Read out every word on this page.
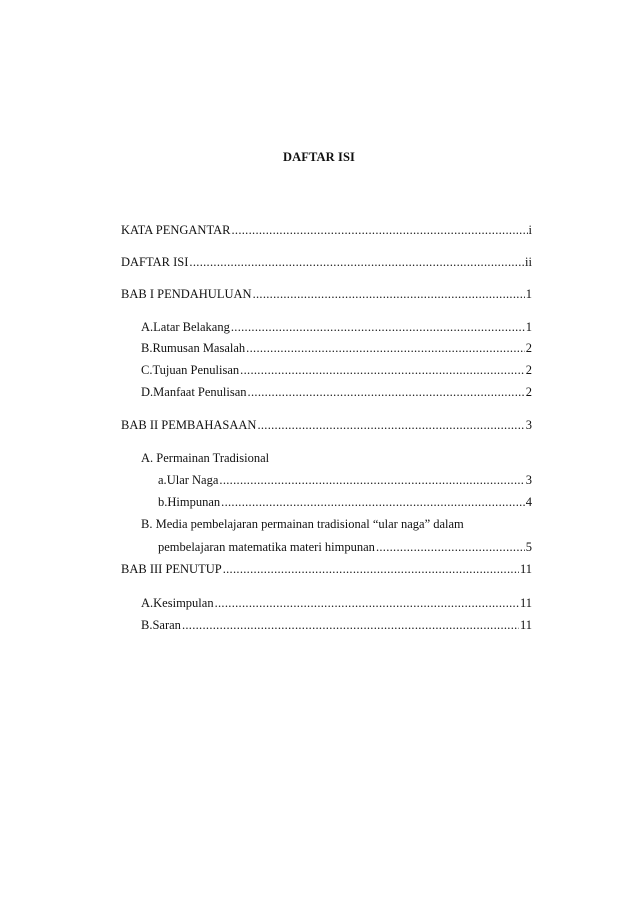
DAFTAR ISI
KATA PENGANTAR .....	i
DAFTAR ISI .....	ii
BAB I PENDAHULUAN .....	1
A. Latar Belakang .....	1
B. Rumusan Masalah .....	2
C. Tujuan Penulisan .....	2
D. Manfaat Penulisan .....	2
BAB II PEMBAHASAAN .....	3
A. Permainan Tradisional
a. Ular Naga .....	3
b. Himpunan .....	4
B. Media pembelajaran permainan tradisional “ular naga” dalam
pembelajaran matematika materi himpunan .....	5
BAB III PENUTUP .....	11
A. Kesimpulan .....	11
B. Saran .....	11
